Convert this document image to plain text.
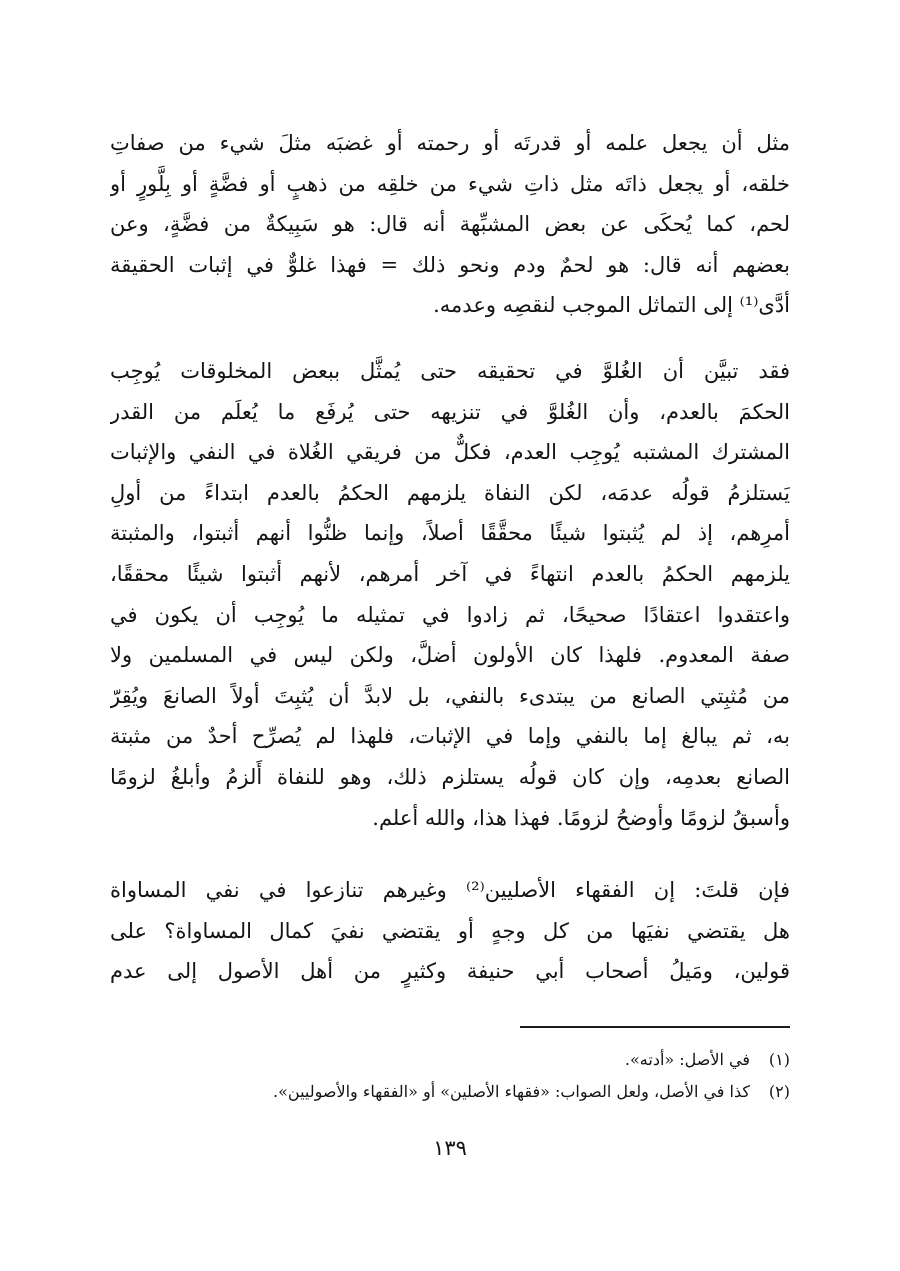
مثل أن يجعل علمه أو قدرتَه أو رحمته أو غضبَه مثلَ شيء من صفاتِ
خلقه، أو يجعل ذاتَه مثل ذاتِ شيء من خلقِه من ذهبٍ أو فضَّةٍ أو بِلَّورٍ أو
لحم، كما يُحكَى عن بعض المشبِّهة أنه قال: هو سَبِيكةٌ من فضَّةٍ، وعن
بعضهم أنه قال: هو لحمٌ ودم ونحو ذلك = فهذا غلوٌّ في إثبات الحقيقة
أدَّى⁽¹⁾ إلى التماثل الموجب لنقصِه وعدمه.
فقد تبيَّن أن الغُلوَّ في تحقيقه حتى يُمثَّل ببعض المخلوقات يُوجِب
الحكمَ بالعدم، وأن الغُلوَّ في تنزيهه حتى يُرفَع ما يُعلَم من القدر
المشترك المشتبه يُوجِب العدم، فكلٌّ من فريقي الغُلاة في النفي والإثبات
يَستلزمُ قولُه عدمَه، لكن النفاة يلزمهم الحكمُ بالعدم ابتداءً من أولِ
أمرِهم، إذ لم يُثبتوا شيئًا محقَّقًا أصلاً، وإنما ظنُّوا أنهم أثبتوا، والمثبتة
يلزمهم الحكمُ بالعدم انتهاءً في آخر أمرهم، لأنهم أثبتوا شيئًا محققًا،
واعتقدوا اعتقادًا صحيحًا، ثم زادوا في تمثيله ما يُوجِب أن يكون في
صفة المعدوم. فلهذا كان الأولون أضلَّ، ولكن ليس في المسلمين ولا
من مُثبِتي الصانع من يبتدىء بالنفي، بل لابدَّ أن يُثبِتَ أولاً الصانعَ ويُقِرّ
به، ثم يبالغ إما بالنفي وإما في الإثبات، فلهذا لم يُصرِّح أحدٌ من مثبتة
الصانع بعدمِه، وإن كان قولُه يستلزم ذلك، وهو للنفاة أَلزمُ وأبلغُ لزومًا
وأسبقُ لزومًا وأوضحُ لزومًا. فهذا هذا، والله أعلم.
فإن قلتَ: إن الفقهاء الأصليين⁽²⁾ وغيرهم تنازعوا في نفي المساواة
هل يقتضي نفيَها من كل وجهٍ أو يقتضي نفيَ كمال المساواة؟ على
قولين، ومَيلُ أصحاب أبي حنيفة وكثيرٍ من أهل الأصول إلى عدم
(١)في الأصل: «أدته».
(٢)كذا في الأصل، ولعل الصواب: «فقهاء الأصلين» أو «الفقهاء والأصوليين».
١٣٩
